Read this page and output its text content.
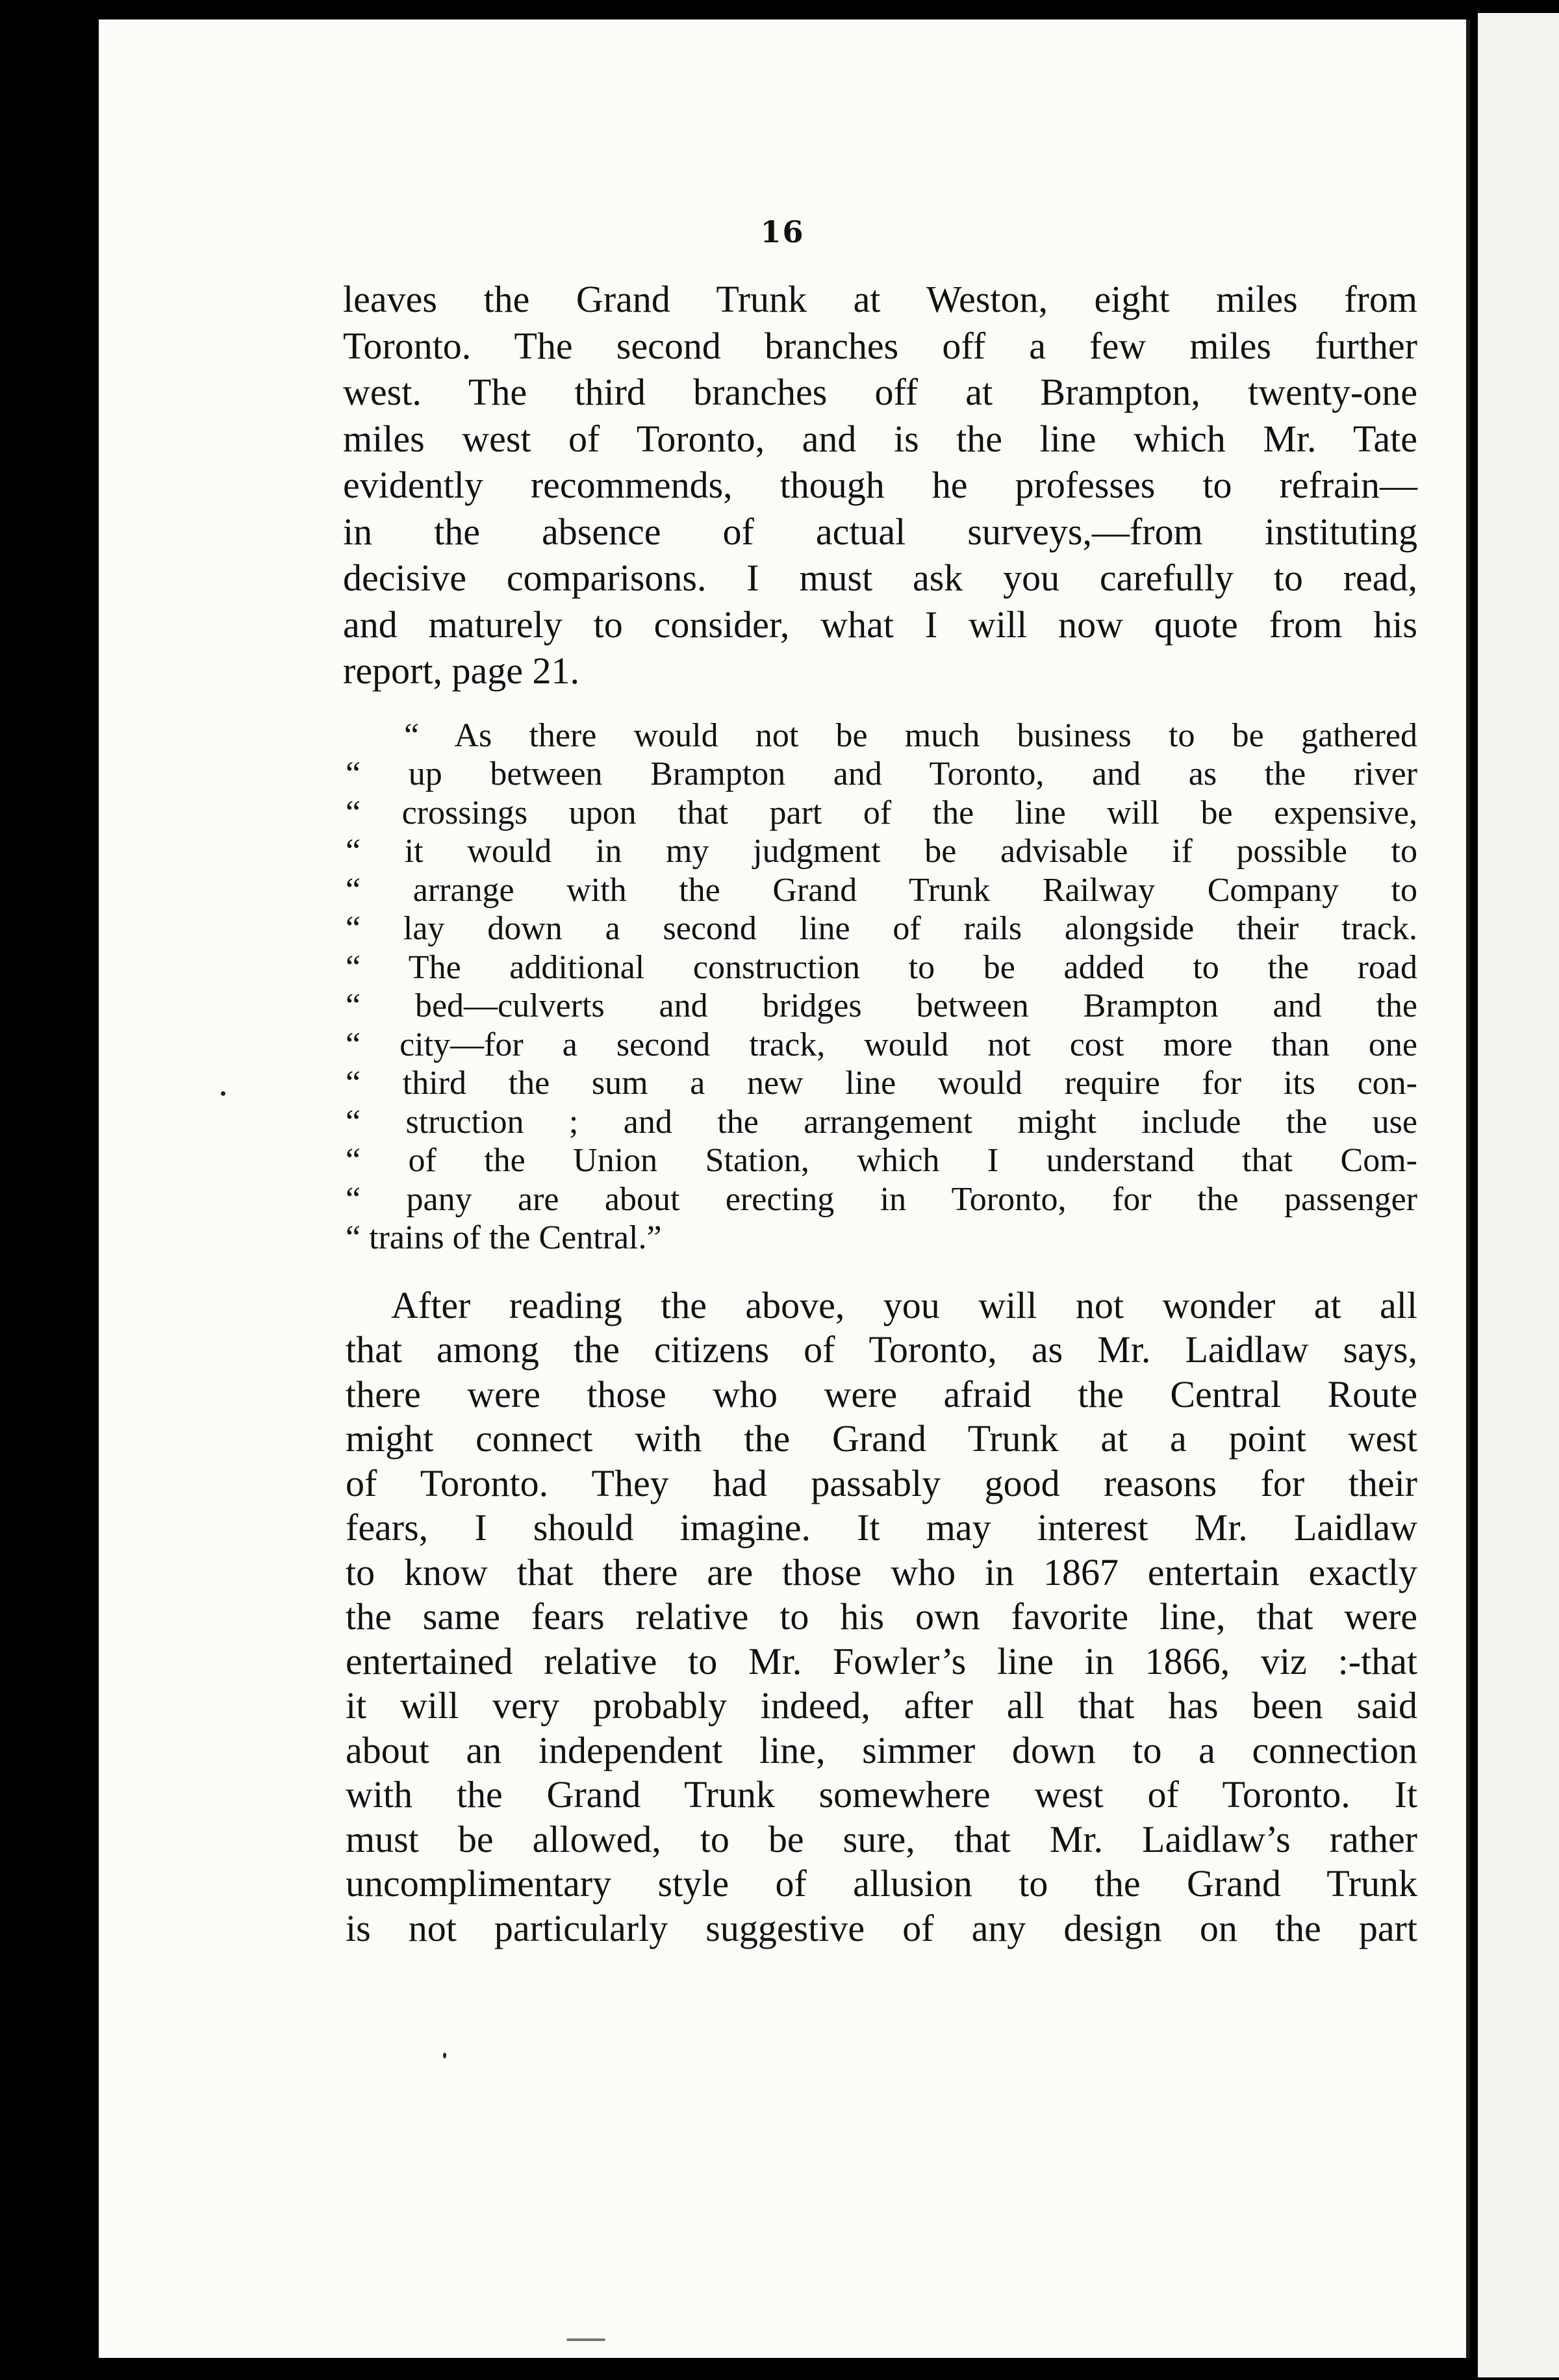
16

leaves the Grand Trunk at Weston, eight miles from
Toronto. The second branches off a few miles further
west. The third branches off at Brampton, twenty-one
miles west of Toronto, and is the line which Mr. Tate
evidently recommends, though he professes to refrain—
in the absence of actual surveys,—from instituting
decisive comparisons. I must ask you carefully to read,
and maturely to consider, what I will now quote from his
report, page 21.

“ As there would not be much business to be gathered
“ up between Brampton and Toronto, and as the river
“ crossings upon that part of the line will be expensive,
“ it would in my judgment be advisable if possible to
“ arrange with the Grand Trunk Railway Company to
“ lay down a second line of rails alongside their track.
“ The additional construction to be added to the road
“ bed—culverts and bridges between Brampton and the
“ city—for a second track, would not cost more than one
“ third the sum a new line would require for its con-
“ struction ; and the arrangement might include the use
“ of the Union Station, which I understand that Com-
“ pany are about erecting in Toronto, for the passenger
“ trains of the Central.”

After reading the above, you will not wonder at all
that among the citizens of Toronto, as Mr. Laidlaw says,
there were those who were afraid the Central Route
might connect with the Grand Trunk at a point west
of Toronto. They had passably good reasons for their
fears, I should imagine. It may interest Mr. Laidlaw
to know that there are those who in 1867 entertain exactly
the same fears relative to his own favorite line, that were
entertained relative to Mr. Fowler’s line in 1866, viz :-that
it will very probably indeed, after all that has been said
about an independent line, simmer down to a connection
with the Grand Trunk somewhere west of Toronto. It
must be allowed, to be sure, that Mr. Laidlaw’s rather
uncomplimentary style of allusion to the Grand Trunk
is not particularly suggestive of any design on the part
